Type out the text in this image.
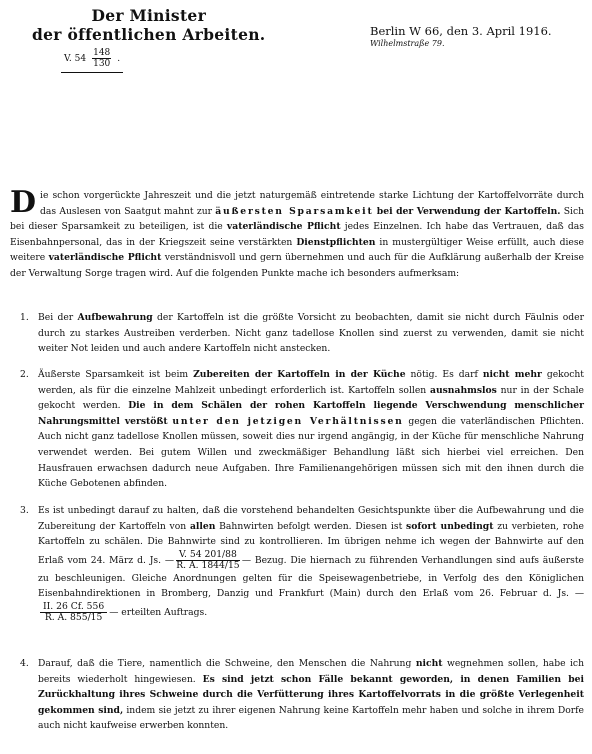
Der Minister
der öffentlichen Arbeiten.
V. $54 \frac{148}{130}$ .
Berlin W 66, den 3. April 1916.
Wilhelmstraße 79.
Die schon vorgerückte Jahreszeit und die jetzt naturgemäß eintretende starke Lichtung der Kartoffelvorräte durch das Auslesen von Saatgut mahnt zur äußersten Sparsamkeit bei der Verwendung der Kartoffeln. Sich bei dieser Sparsamkeit zu beteiligen, ist die vaterländische Pflicht jedes Einzelnen. Ich habe das Vertrauen, daß das Eisenbahnpersonal, das in der Kriegszeit seine verstärkten Dienstpflichten in mustergültiger Weise erfüllt, auch diese weitere vaterländische Pflicht verständnisvoll und gern übernehmen und auch für die Aufklärung außerhalb der Kreise der Verwaltung Sorge tragen wird. Auf die folgenden Punkte mache ich besonders aufmerksam:
1.	Bei der Aufbewahrung der Kartoffeln ist die größte Vorsicht zu beobachten, damit sie nicht durch Fäulnis oder durch zu starkes Austreiben verderben. Nicht ganz tadellose Knollen sind zuerst zu verwenden, damit sie nicht weiter Not leiden und auch andere Kartoffeln nicht anstecken.
2.	Äußerste Sparsamkeit ist beim Zubereiten der Kartoffeln in der Küche nötig. Es darf nicht mehr gekocht werden, als für die einzelne Mahlzeit unbedingt erforderlich ist. Kartoffeln sollen ausnahmslos nur in der Schale gekocht werden. Die in dem Schälen der rohen Kartoffeln liegende Verschwendung menschlicher Nahrungsmittel verstößt unter den jetzigen Verhältnissen gegen die vaterländischen Pflichten. Auch nicht ganz tadellose Knollen müssen, soweit dies nur irgend angängig, in der Küche für menschliche Nahrung verwendet werden. Bei gutem Willen und zweckmäßiger Behandlung läßt sich hierbei viel erreichen. Den Hausfrauen erwachsen dadurch neue Aufgaben. Ihre Familienangehörigen müssen sich mit den ihnen durch die Küche Gebotenen abfinden.
3.	Es ist unbedingt darauf zu halten, daß die vorstehend behandelten Gesichtspunkte über die Aufbewahrung und die Zubereitung der Kartoffeln von allen Bahnwirten befolgt werden. Diesen ist sofort unbedingt zu verbieten, rohe Kartoffeln zu schälen. Die Bahnwirte sind zu kontrollieren. Im übrigen nehme ich wegen der Bahnwirte auf den Erlaß vom 24. März d. Js. — $\frac{V. 54 201/88}{R. A. 1844/15}$ — Bezug. Die hiernach zu führenden Verhandlungen sind aufs äußerste zu beschleunigen. Gleiche Anordnungen gelten für die Speisewagenbetriebe, in Verfolg des den Königlichen Eisenbahndirektionen in Bromberg, Danzig und Frankfurt (Main) durch den Erlaß vom 26. Februar d. Js. —
$\frac{II. 26 Cf. 556}{R. A. 855/15}$ — erteilten Auftrags.
4.	Darauf, daß die Tiere, namentlich die Schweine, den Menschen die Nahrung nicht wegnehmen sollen, habe ich bereits wiederholt hingewiesen. Es sind jetzt schon Fälle bekannt geworden, in denen Familien bei Zurückhaltung ihres Schweine durch die Verfütterung ihres Kartoffelvorrats in die größte Verlegenheit gekommen sind, indem sie jetzt zu ihrer eigenen Nahrung keine Kartoffeln mehr haben und solche in ihrem Dorfe auch nicht kaufweise erwerben konnten.
